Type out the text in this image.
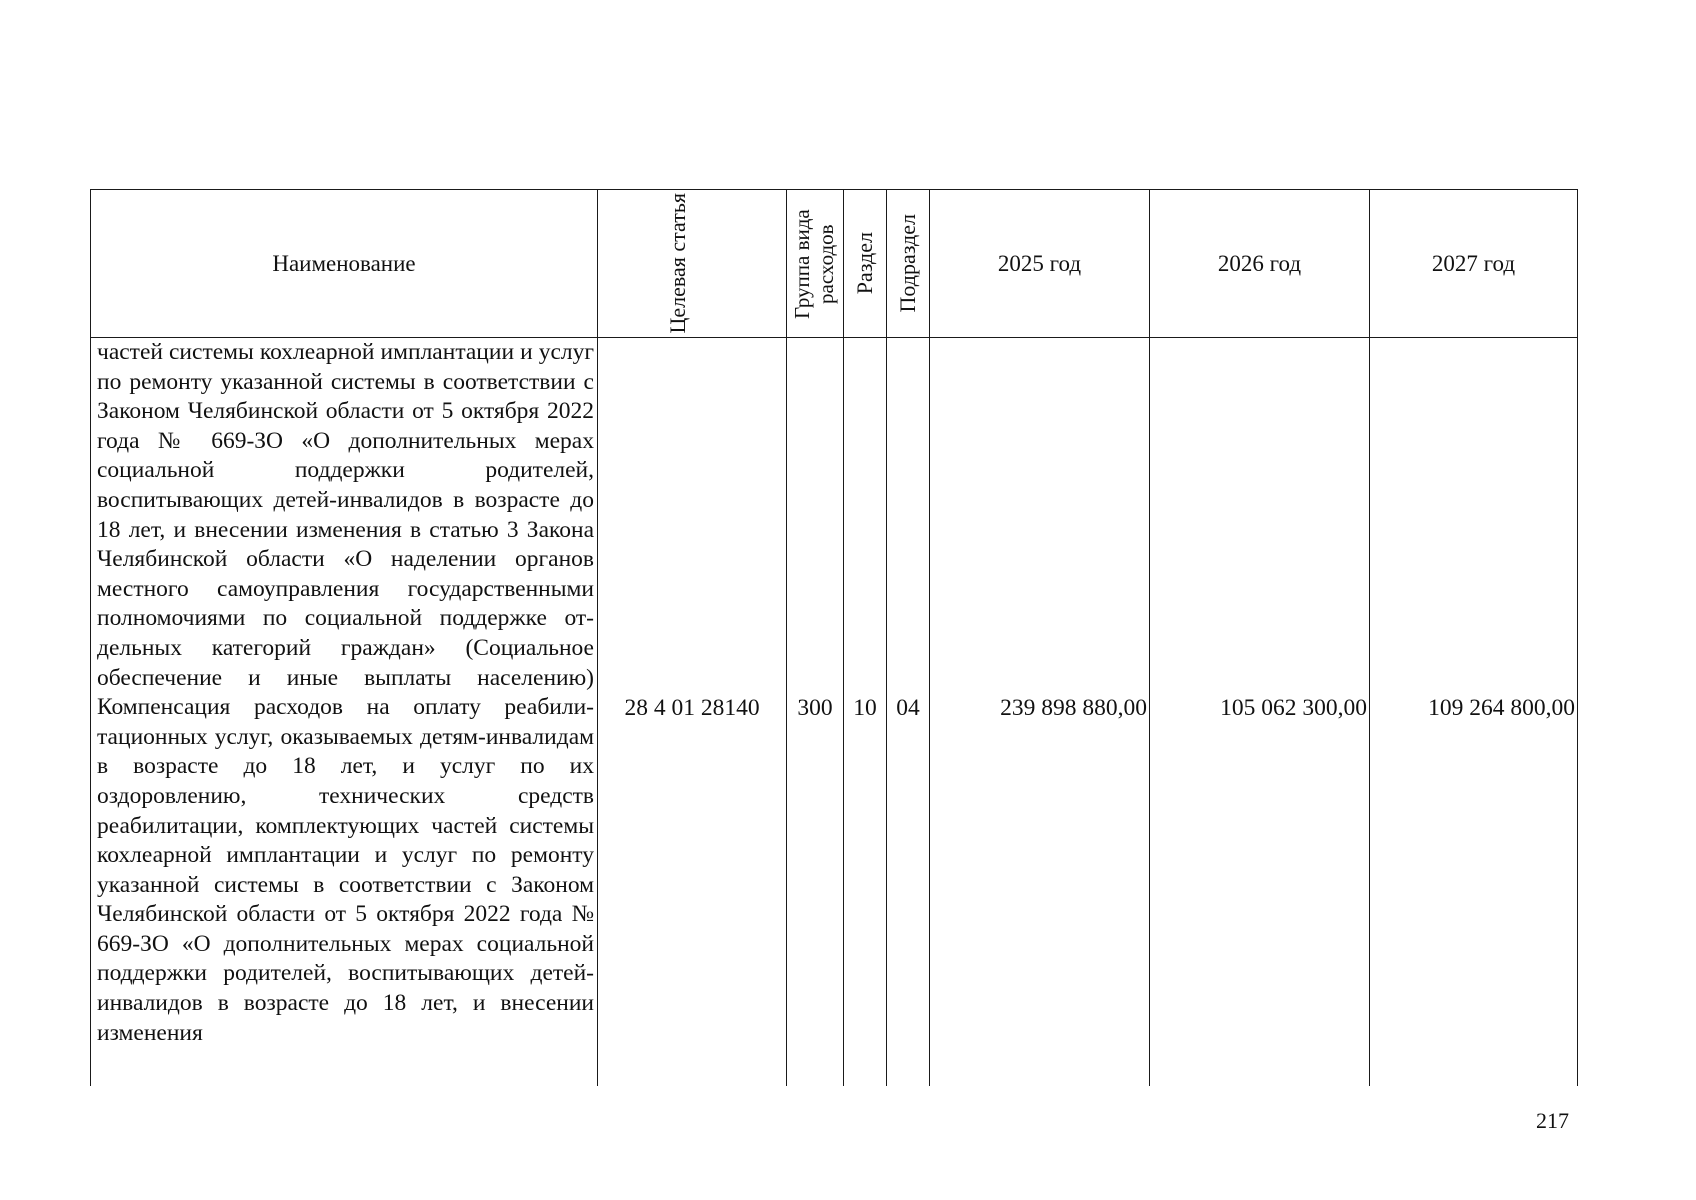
Наименование	Целевая статья	Группа вида расходов	Раздел	Подраздел	2025 год	2026 год	2027 год

частей системы кохлеарной имплантации и услуг по ремонту указанной системы в соответствии с Законом Челябинской области от 5 октября 2022 года № 669-ЗО «О дополнительных мерах социальной поддержки родителей, воспитывающих детей-инвалидов в возрасте до 18 лет, и внесении изменения в статью 3 Закона Челябинской области «О наделении органов местного самоуправления государственными полномочиями по социальной поддержке отдельных категорий граждан» (Социальное обеспечение и иные выплаты населению) Компенсация расходов на оплату реабилитационных услуг, оказываемых детям-инвалидам в возрасте до 18 лет, и услуг по их оздоровлению, технических средств реабилитации, комплектующих частей системы кохлеарной имплантации и услуг по ремонту указанной системы в соответствии с Законом Челябинской области от 5 октября 2022 года № 669-ЗО «О дополнительных мерах социальной поддержки родителей, воспитывающих детей-инвалидов в возрасте до 18 лет, и внесении изменения	28 4 01 28140	300	10	04	239 898 880,00	105 062 300,00	109 264 800,00
217
